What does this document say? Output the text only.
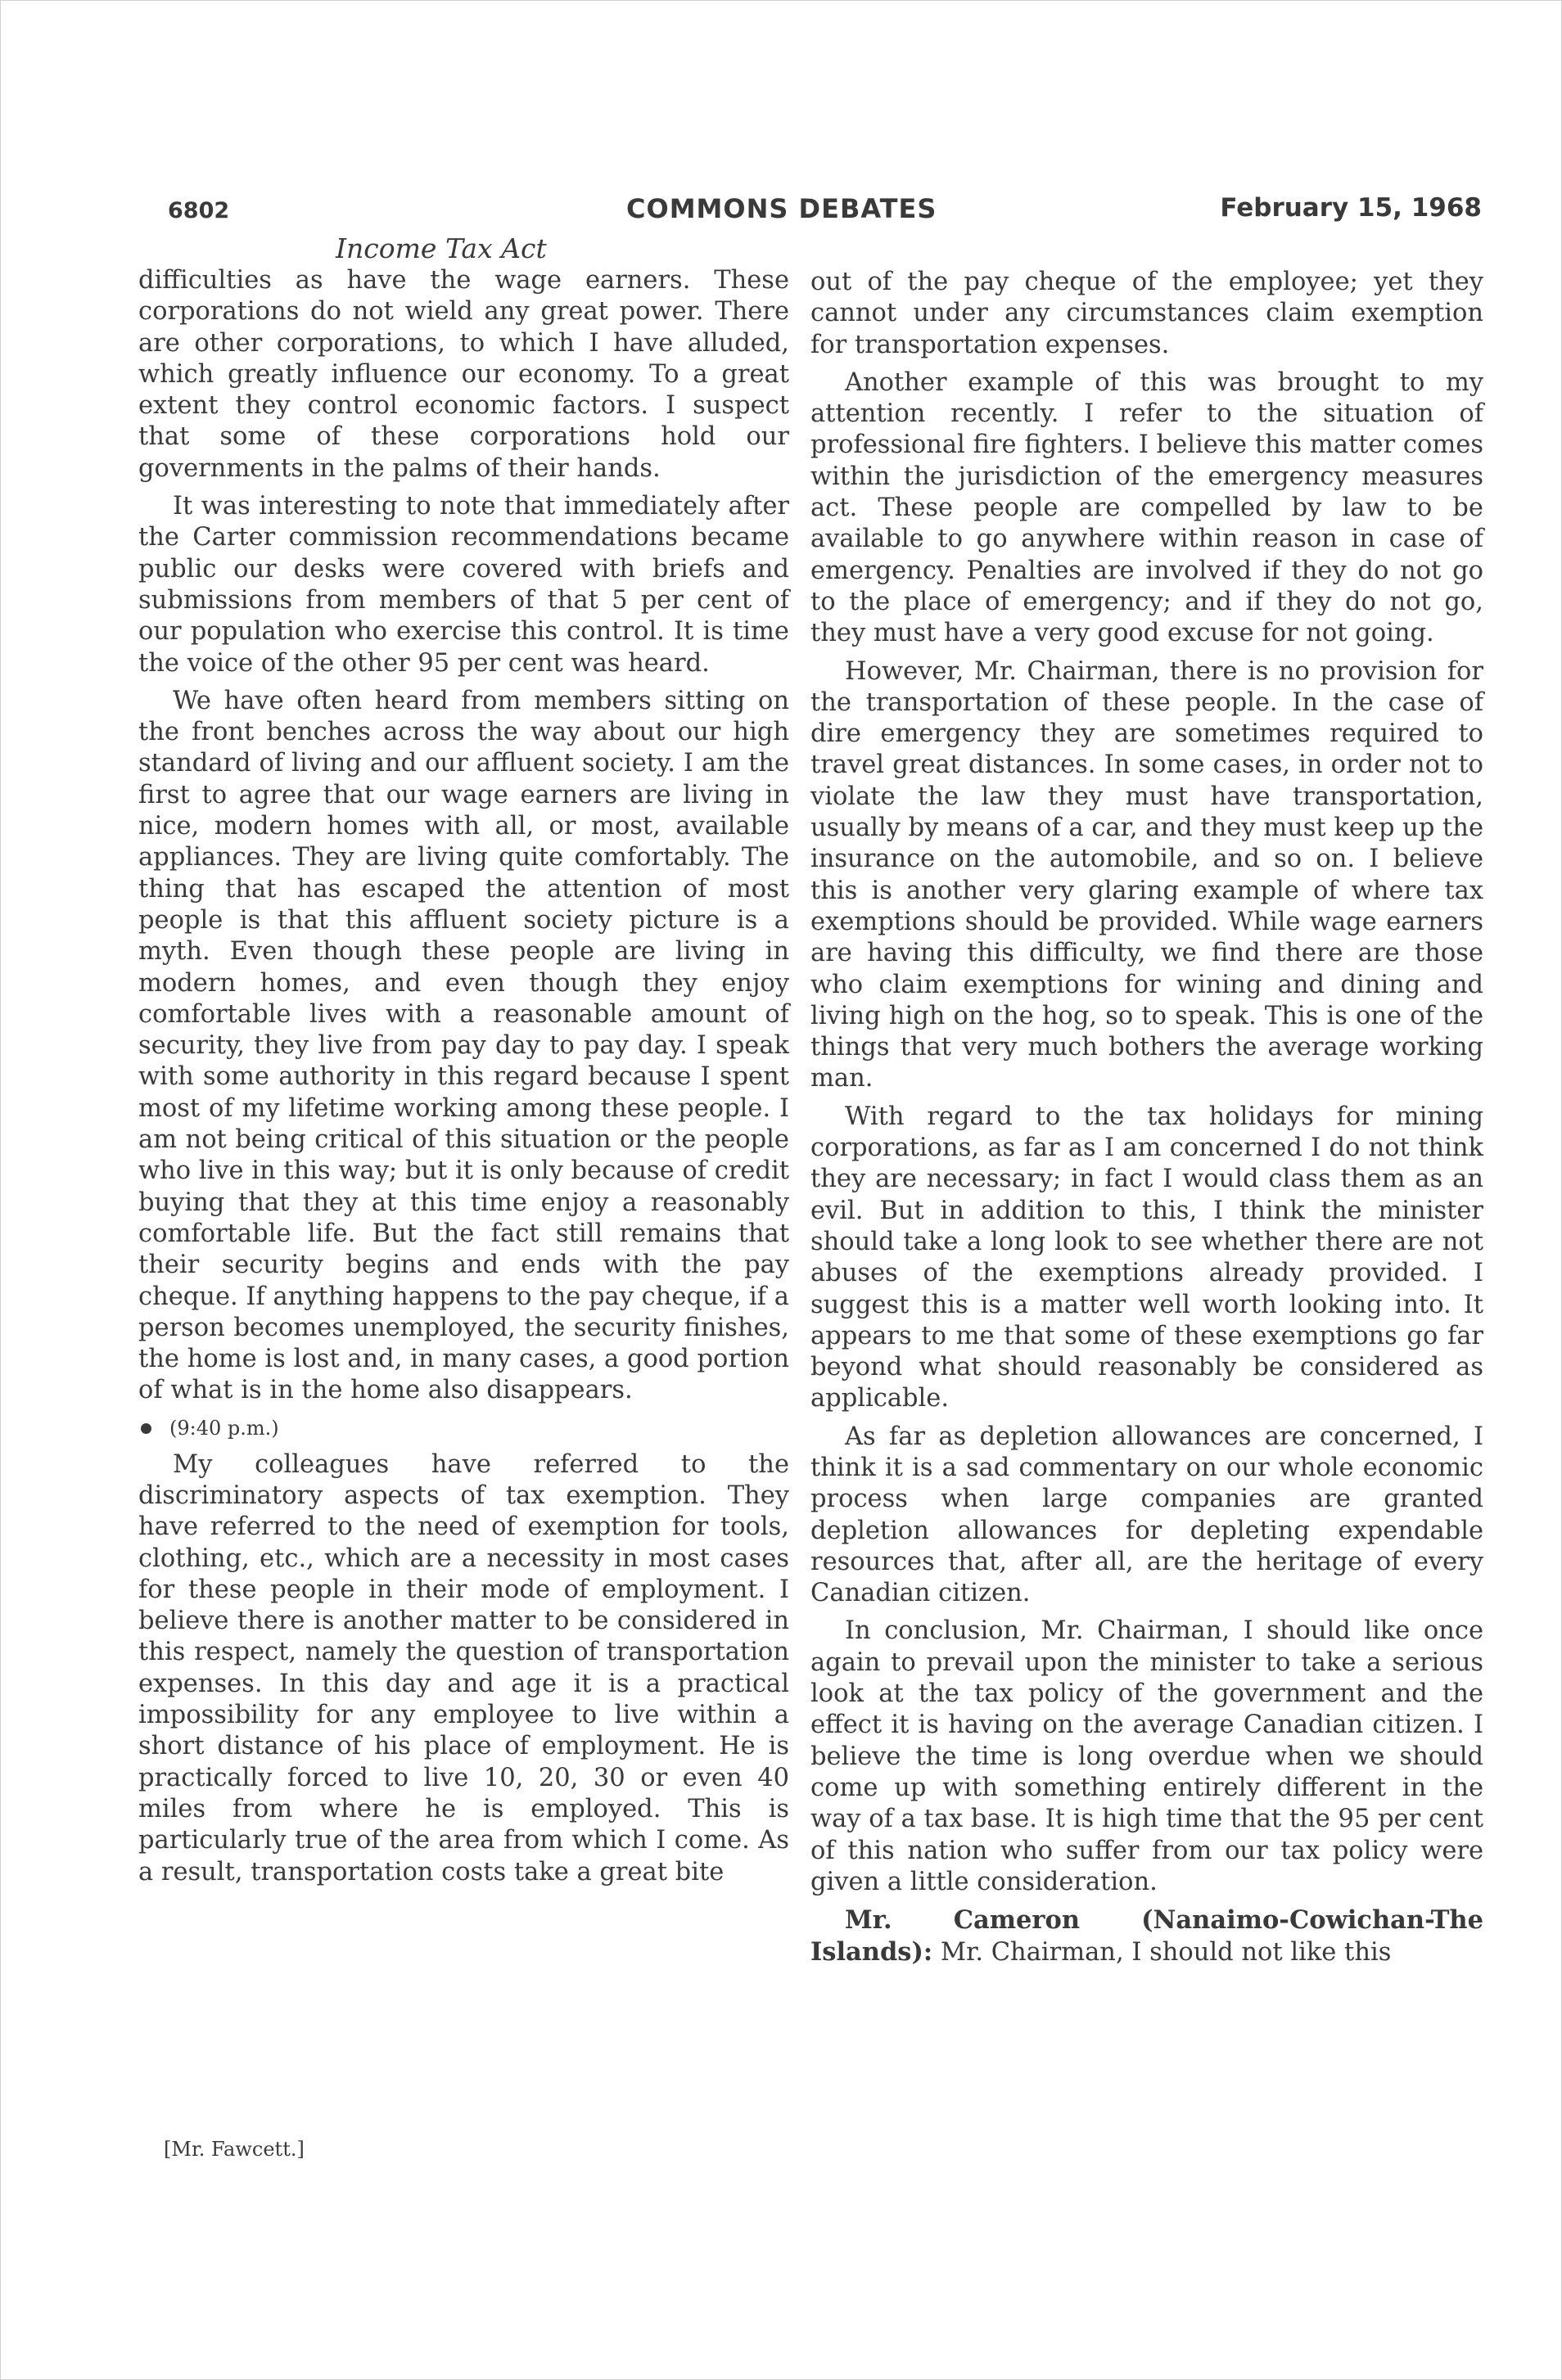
6802	COMMONS DEBATES	February 15, 1968
Income Tax Act

difficulties as have the wage earners. These corporations do not wield any great power. There are other corporations, to which I have alluded, which greatly influence our economy. To a great extent they control economic factors. I suspect that some of these corporations hold our governments in the palms of their hands.

It was interesting to note that immediately after the Carter commission recommendations became public our desks were covered with briefs and submissions from members of that 5 per cent of our population who exercise this control. It is time the voice of the other 95 per cent was heard.

We have often heard from members sitting on the front benches across the way about our high standard of living and our affluent society. I am the first to agree that our wage earners are living in nice, modern homes with all, or most, available appliances. They are living quite comfortably. The thing that has escaped the attention of most people is that this affluent society picture is a myth. Even though these people are living in modern homes, and even though they enjoy comfortable lives with a reasonable amount of security, they live from pay day to pay day. I speak with some authority in this regard because I spent most of my lifetime working among these people. I am not being critical of this situation or the people who live in this way; but it is only because of credit buying that they at this time enjoy a reasonably comfortable life. But the fact still remains that their security begins and ends with the pay cheque. If anything happens to the pay cheque, if a person becomes unemployed, the security finishes, the home is lost and, in many cases, a good portion of what is in the home also disappears.

(9:40 p.m.)

My colleagues have referred to the discriminatory aspects of tax exemption. They have referred to the need of exemption for tools, clothing, etc., which are a necessity in most cases for these people in their mode of employment. I believe there is another matter to be considered in this respect, namely the question of transportation expenses. In this day and age it is a practical impossibility for any employee to live within a short distance of his place of employment. He is practically forced to live 10, 20, 30 or even 40 miles from where he is employed. This is particularly true of the area from which I come. As a result, transportation costs take a great bite

out of the pay cheque of the employee; yet they cannot under any circumstances claim exemption for transportation expenses.

Another example of this was brought to my attention recently. I refer to the situation of professional fire fighters. I believe this matter comes within the jurisdiction of the emergency measures act. These people are compelled by law to be available to go anywhere within reason in case of emergency. Penalties are involved if they do not go to the place of emergency; and if they do not go, they must have a very good excuse for not going.

However, Mr. Chairman, there is no provision for the transportation of these people. In the case of dire emergency they are sometimes required to travel great distances. In some cases, in order not to violate the law they must have transportation, usually by means of a car, and they must keep up the insurance on the automobile, and so on. I believe this is another very glaring example of where tax exemptions should be provided. While wage earners are having this difficulty, we find there are those who claim exemptions for wining and dining and living high on the hog, so to speak. This is one of the things that very much bothers the average working man.

With regard to the tax holidays for mining corporations, as far as I am concerned I do not think they are necessary; in fact I would class them as an evil. But in addition to this, I think the minister should take a long look to see whether there are not abuses of the exemptions already provided. I suggest this is a matter well worth looking into. It appears to me that some of these exemptions go far beyond what should reasonably be considered as applicable.

As far as depletion allowances are concerned, I think it is a sad commentary on our whole economic process when large companies are granted depletion allowances for depleting expendable resources that, after all, are the heritage of every Canadian citizen.

In conclusion, Mr. Chairman, I should like once again to prevail upon the minister to take a serious look at the tax policy of the government and the effect it is having on the average Canadian citizen. I believe the time is long overdue when we should come up with something entirely different in the way of a tax base. It is high time that the 95 per cent of this nation who suffer from our tax policy were given a little consideration.

Mr. Cameron (Nanaimo-Cowichan-The Islands): Mr. Chairman, I should not like this

[Mr. Fawcett.]
